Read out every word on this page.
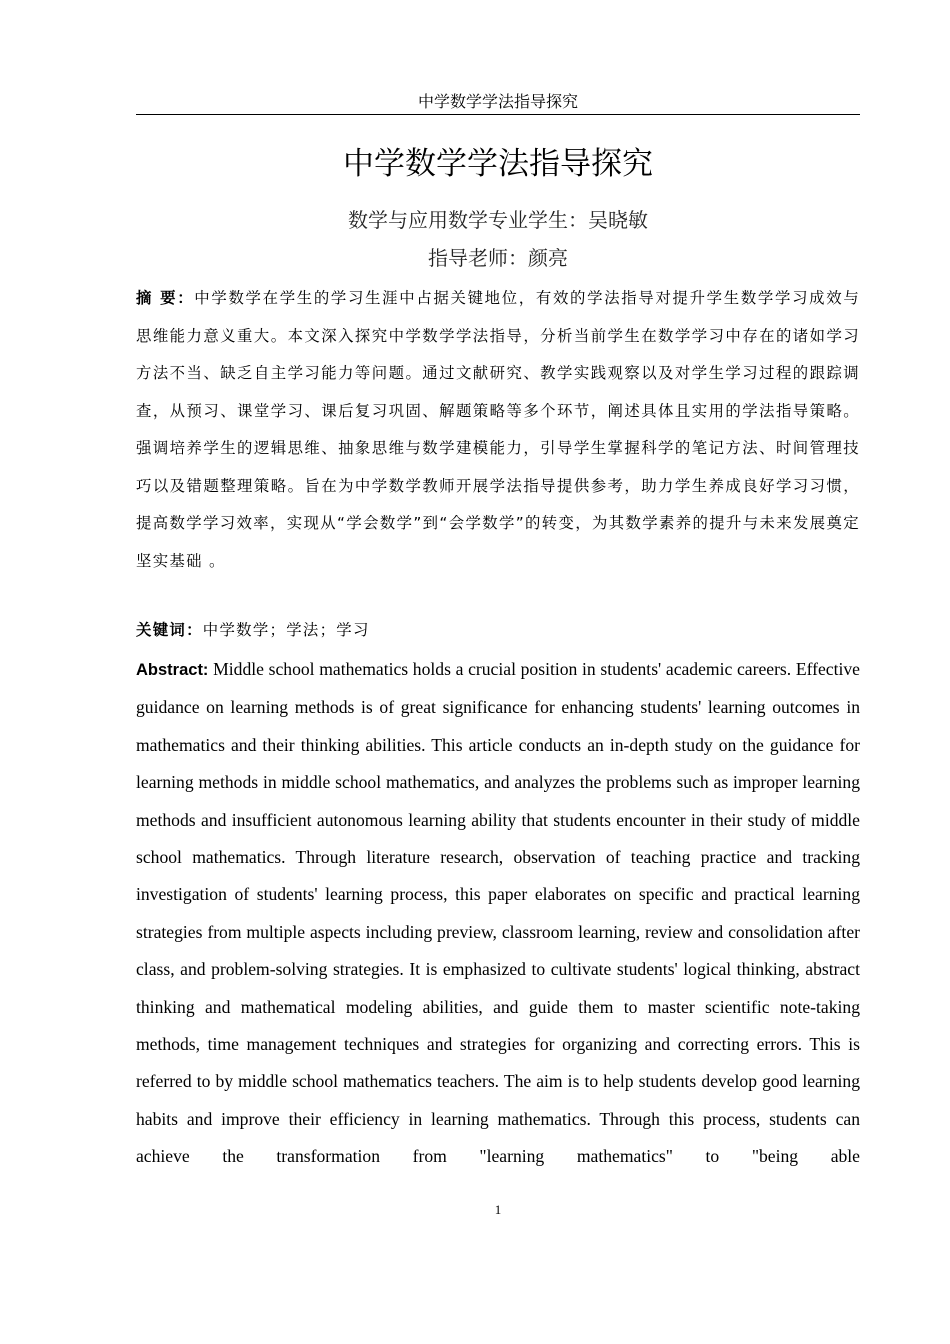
中学数学学法指导探究
中学数学学法指导探究
数学与应用数学专业学生：吴晓敏
指导老师：颜亮
摘 要：中学数学在学生的学习生涯中占据关键地位，有效的学法指导对提升学生数学学习成效与思维能力意义重大。本文深入探究中学数学学法指导，分析当前学生在数学学习中存在的诸如学习方法不当、缺乏自主学习能力等问题。通过文献研究、教学实践观察以及对学生学习过程的跟踪调查，从预习、课堂学习、课后复习巩固、解题策略等多个环节，阐述具体且实用的学法指导策略。强调培养学生的逻辑思维、抽象思维与数学建模能力，引导学生掌握科学的笔记方法、时间管理技巧以及错题整理策略。旨在为中学数学教师开展学法指导提供参考，助力学生养成良好学习习惯，提高数学学习效率，实现从“学会数学”到“会学数学”的转变，为其数学素养的提升与未来发展奠定坚实基础 。
关键词：中学数学；学法；学习
Abstract: Middle school mathematics holds a crucial position in students' academic careers. Effective guidance on learning methods is of great significance for enhancing students' learning outcomes in mathematics and their thinking abilities. This article conducts an in-depth study on the guidance for learning methods in middle school mathematics, and analyzes the problems such as improper learning methods and insufficient autonomous learning ability that students encounter in their study of middle school mathematics. Through literature research, observation of teaching practice and tracking investigation of students' learning process, this paper elaborates on specific and practical learning strategies from multiple aspects including preview, classroom learning, review and consolidation after class, and problem-solving strategies. It is emphasized to cultivate students' logical thinking, abstract thinking and mathematical modeling abilities, and guide them to master scientific note-taking methods, time management techniques and strategies for organizing and correcting errors. This is referred to by middle school mathematics teachers. The aim is to help students develop good learning habits and improve their efficiency in learning mathematics. Through this process, students can achieve the transformation from "learning mathematics" to "being able
1
